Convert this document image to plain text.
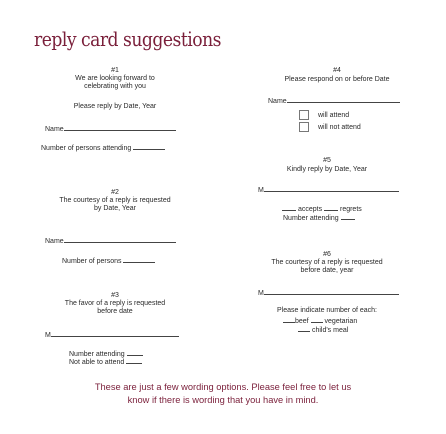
reply card suggestions
#1
We are looking forward to
celebrating with you
Please reply by Date, Year
Name
Number of persons attending
#2
The courtesy of a reply is requested
by Date, Year
Name
Number of persons
#3
The favor of a reply is requested
before date
M
Number attending
Not able to attend
#4
Please respond on or before Date
Name
will attend
will not attend
#5
Kindly reply by Date, Year
M
accepts	regrets
Number attending
#6
The courtesy of a reply is requested
before date, year
M
Please indicate number of each:
beef vegetarian
child's meal
These are just a few wording options. Please feel free to let us
know if there is wording that you have in mind.
